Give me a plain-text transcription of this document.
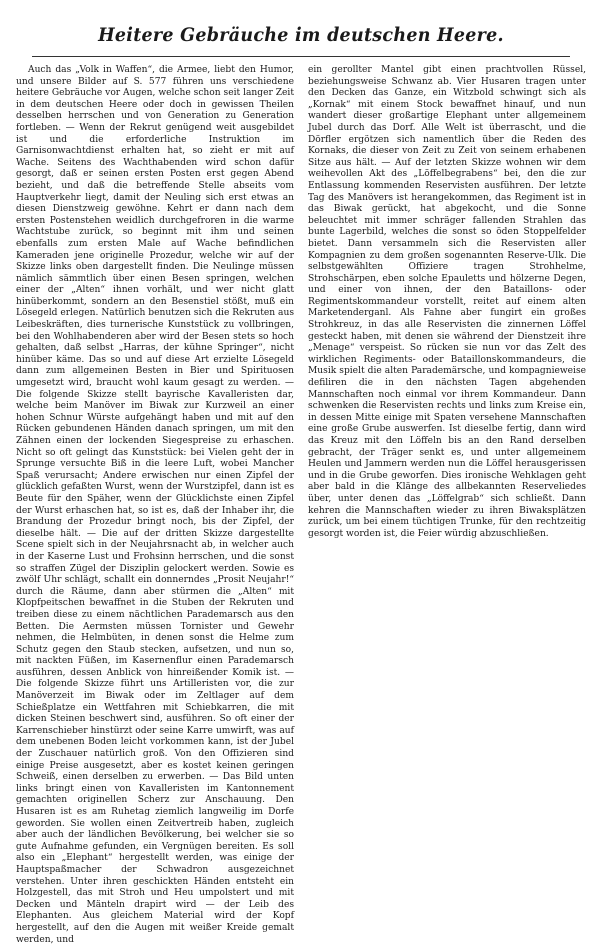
Heitere Gebräuche im deutschen Heere.

Auch das „Volk in Waffen“, die Armee, liebt den Humor, und unsere Bilder auf S. 577 führen uns verschiedene heitere Gebräuche vor Augen, welche schon seit langer Zeit in dem deutschen Heere oder doch in gewissen Theilen desselben herrschen und von Generation zu Generation fortleben. — Wenn der Rekrut genügend weit ausgebildet ist und die erforderliche Instruktion im Garnisonwachtdienst erhalten hat, so zieht er mit auf Wache. Seitens des Wachthabenden wird schon dafür gesorgt, daß er seinen ersten Posten erst gegen Abend bezieht, und daß die betreffende Stelle abseits vom Hauptverkehr liegt, damit der Neuling sich erst etwas an diesen Dienstzweig gewöhne. Kehrt er dann nach dem ersten Postenstehen weidlich durchgefroren in die warme Wachtstube zurück, so beginnt mit ihm und seinen ebenfalls zum ersten Male auf Wache befindlichen Kameraden jene originelle Prozedur, welche wir auf der Skizze links oben dargestellt finden. Die Neulinge müssen nämlich sämmtlich über einen Besen springen, welchen einer der „Alten“ ihnen vorhält, und wer nicht glatt hinüberkommt, sondern an den Besenstiel stößt, muß ein Lösegeld erlegen. Natürlich benutzen sich die Rekruten aus Leibeskräften, dies turnerische Kunststück zu vollbringen, bei den Wohlhabenderen aber wird der Besen stets so hoch gehalten, daß selbst „Harras, der kühne Springer“, nicht hinüber käme. Das so und auf diese Art erzielte Lösegeld dann zum allgemeinen Besten in Bier und Spirituosen umgesetzt wird, braucht wohl kaum gesagt zu werden. — Die folgende Skizze stellt bayrische Kavalleristen dar, welche beim Manöver im Biwak zur Kurzweil an einer hohen Schnur Würste aufgehängt haben und mit auf den Rücken gebundenen Händen danach springen, um mit den Zähnen einen der lockenden Siegespreise zu erhaschen. Nicht so oft gelingt das Kunststück: bei Vielen geht der in Sprunge versuchte Biß in die leere Luft, wobei Mancher Spaß verursacht; Andere erwischen nur einen Zipfel der glücklich gefaßten Wurst, wenn der Wurstzipfel, dann ist es Beute für den Späher, wenn der Glücklichste einen Zipfel der Wurst erhaschen hat, so ist es, daß der Inhaber ihr, die Brandung der Prozedur bringt noch, bis der Zipfel, der dieselbe hält. — Die auf der dritten Skizze dargestellte Scene spielt sich in der Neujahrsnacht ab, in welcher auch in der Kaserne Lust und Frohsinn herrschen, und die sonst so straffen Zügel der Disziplin gelockert werden. Sowie es zwölf Uhr schlägt, schallt ein donnerndes „Prosit Neujahr!“ durch die Räume, dann aber stürmen die „Alten“ mit Klopfpeitschen bewaffnet in die Stuben der Rekruten und treiben diese zu einem nächtlichen Parademarsch aus den Betten. Die Aermsten müssen Tornister und Gewehr nehmen, die Helmbüten, in denen sonst die Helme zum Schutz gegen den Staub stecken, aufsetzen, und nun so, mit nackten Füßen, im Kasernenflur einen Parademarsch ausführen, dessen Anblick von hinreißender Komik ist. — Die folgende Skizze führt uns Artilleristen vor, die zur Manöverzeit im Biwak oder im Zeltlager auf dem Schießplatze ein Wettfahren mit Schiebkarren, die mit dicken Steinen beschwert sind, ausführen. So oft einer der Karrenschieber hinstürzt oder seine Karre umwirft, was auf dem unebenen Boden leicht vorkommen kann, ist der Jubel der Zuschauer natürlich groß. Von den Offizieren sind einige Preise ausgesetzt, aber es kostet keinen geringen Schweiß, einen derselben zu erwerben. — Das Bild unten links bringt einen von Kavalleristen im Kantonnement gemachten originellen Scherz zur Anschauung. Den Husaren ist es am Ruhetag ziemlich langweilig im Dorfe geworden. Sie wollen einen Zeitvertreib haben, zugleich aber auch der ländlichen Bevölkerung, bei welcher sie so gute Aufnahme gefunden, ein Vergnügen bereiten. Es soll also ein „Elephant“ hergestellt werden, was einige der Hauptspaßmacher der Schwadron ausgezeichnet verstehen. Unter ihren geschickten Händen entsteht ein Holzgestell, das mit Stroh und Heu umpolstert und mit Decken und Mänteln drapirt wird — der Leib des Elephanten. Aus gleichem Material wird der Kopf hergestellt, auf den die Augen mit weißer Kreide gemalt werden, und

ein gerollter Mantel gibt einen prachtvollen Rüssel, beziehungsweise Schwanz ab. Vier Husaren tragen unter den Decken das Ganze, ein Witzbold schwingt sich als „Kornak“ mit einem Stock bewaffnet hinauf, und nun wandert dieser großartige Elephant unter allgemeinem Jubel durch das Dorf. Alle Welt ist überrascht, und die Dörfler ergötzen sich namentlich über die Reden des Kornaks, die dieser von Zeit zu Zeit von seinem erhabenen Sitze aus hält. — Auf der letzten Skizze wohnen wir dem weihevollen Akt des „Löffelbegrabens“ bei, den die zur Entlassung kommenden Reservisten ausführen. Der letzte Tag des Manövers ist herangekommen, das Regiment ist in das Biwak gerückt, hat abgekocht, und die Sonne beleuchtet mit immer schräger fallenden Strahlen das bunte Lagerbild, welches die sonst so öden Stoppelfelder bietet. Dann versammeln sich die Reservisten aller Kompagnien zu dem großen sogenannten Reserve-Ulk. Die selbstgewählten Offiziere tragen Strohhelme, Strohschärpen, eben solche Epauletts und hölzerne Degen, und einer von ihnen, der den Bataillons- oder Regimentskommandeur vorstellt, reitet auf einem alten Marketenderganl. Als Fahne aber fungirt ein großes Strohkreuz, in das alle Reservisten die zinnernen Löffel gesteckt haben, mit denen sie während der Dienstzeit ihre „Menage“ verspeist. So rücken sie nun vor das Zelt des wirklichen Regiments- oder Bataillonskommandeurs, die Musik spielt die alten Parademärsche, und kompagnieweise defiliren die in den nächsten Tagen abgehenden Mannschaften noch einmal vor ihrem Kommandeur. Dann schwenken die Reservisten rechts und links zum Kreise ein, in dessen Mitte einige mit Spaten versehene Mannschaften eine große Grube auswerfen. Ist dieselbe fertig, dann wird das Kreuz mit den Löffeln bis an den Rand derselben gebracht, der Träger senkt es, und unter allgemeinem Heulen und Jammern werden nun die Löffel herausgerissen und in die Grube geworfen. Dies ironische Wehklagen geht aber bald in die Klänge des allbekannten Reserveliedes über, unter denen das „Löffelgrab“ sich schließt. Dann kehren die Mannschaften wieder zu ihren Biwaksplätzen zurück, um bei einem tüchtigen Trunke, für den rechtzeitig gesorgt worden ist, die Feier würdig abzuschließen.
